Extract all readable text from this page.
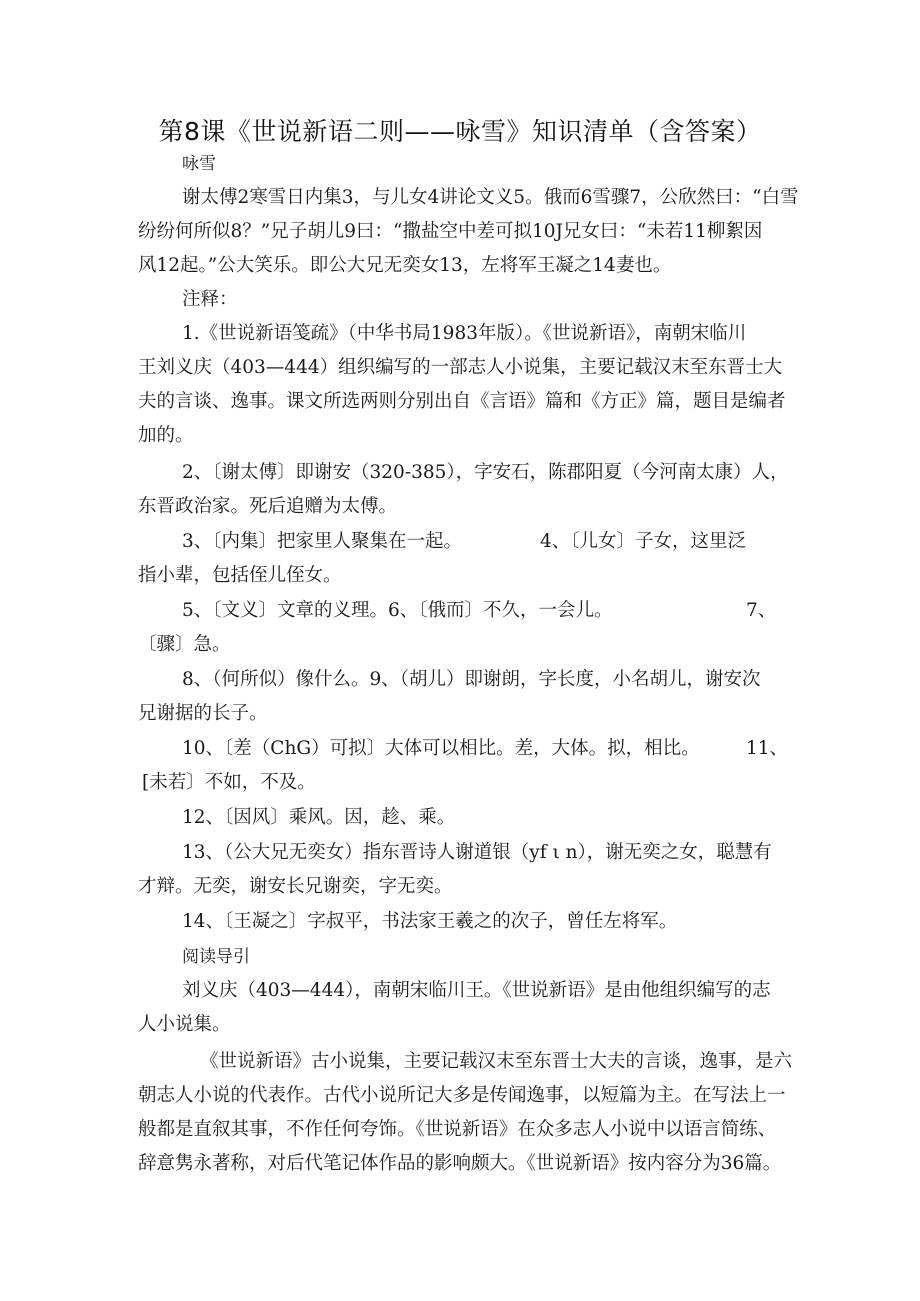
第8课《世说新语二则——咏雪》知识清单（含答案）
咏雪
谢太傅2寒雪日内集3，与儿女4讲论文义5。俄而6雪骤7，公欣然曰：“白雪
纷纷何所似8？”兄子胡儿9曰：“撒盐空中差可拟10J兄女曰：“未若11柳絮因
风12起。”公大笑乐。即公大兄无奕女13，左将军王凝之14妻也。
注释：
1.《世说新语笺疏》（中华书局1983年版）。《世说新语》，南朝宋临川
王刘义庆（403—444）组织编写的一部志人小说集，主要记载汉末至东晋士大
夫的言谈、逸事。课文所选两则分别出自《言语》篇和《方正》篇，题目是编者
加的。
2、〔谢太傅〕即谢安（320-385），字安石，陈郡阳夏（今河南太康）人，
东晋政治家。死后追赠为太傅。
3、〔内集〕把家里人聚集在一起。	4、〔儿女〕子女，这里泛
指小辈，包括侄儿侄女。
5、〔文义〕文章的义理。6、〔俄而〕不久，一会儿。	7、
〔骤〕急。
8、（何所似）像什么。9、（胡儿）即谢朗，字长度，小名胡儿，谢安次
兄谢据的长子。
10、〔差（ChG）可拟〕大体可以相比。差，大体。拟，相比。	11、
[未若〕不如，不及。
12、〔因风〕乘风。因，趁、乘。
13、（公大兄无奕女）指东晋诗人谢道银（yf ι n），谢无奕之女，聪慧有
才辩。无奕，谢安长兄谢奕，字无奕。
14、〔王凝之〕字叔平，书法家王羲之的次子，曾任左将军。
阅读导引
刘义庆（403—444），南朝宋临川王。《世说新语》是由他组织编写的志
人小说集。
《世说新语》古小说集，主要记载汉末至东晋士大夫的言谈，逸事，是六
朝志人小说的代表作。古代小说所记大多是传闻逸事，以短篇为主。在写法上一
般都是直叙其事，不作任何夸饰。《世说新语》在众多志人小说中以语言简练、
辞意隽永著称，对后代笔记体作品的影响颇大。《世说新语》按内容分为36篇。
